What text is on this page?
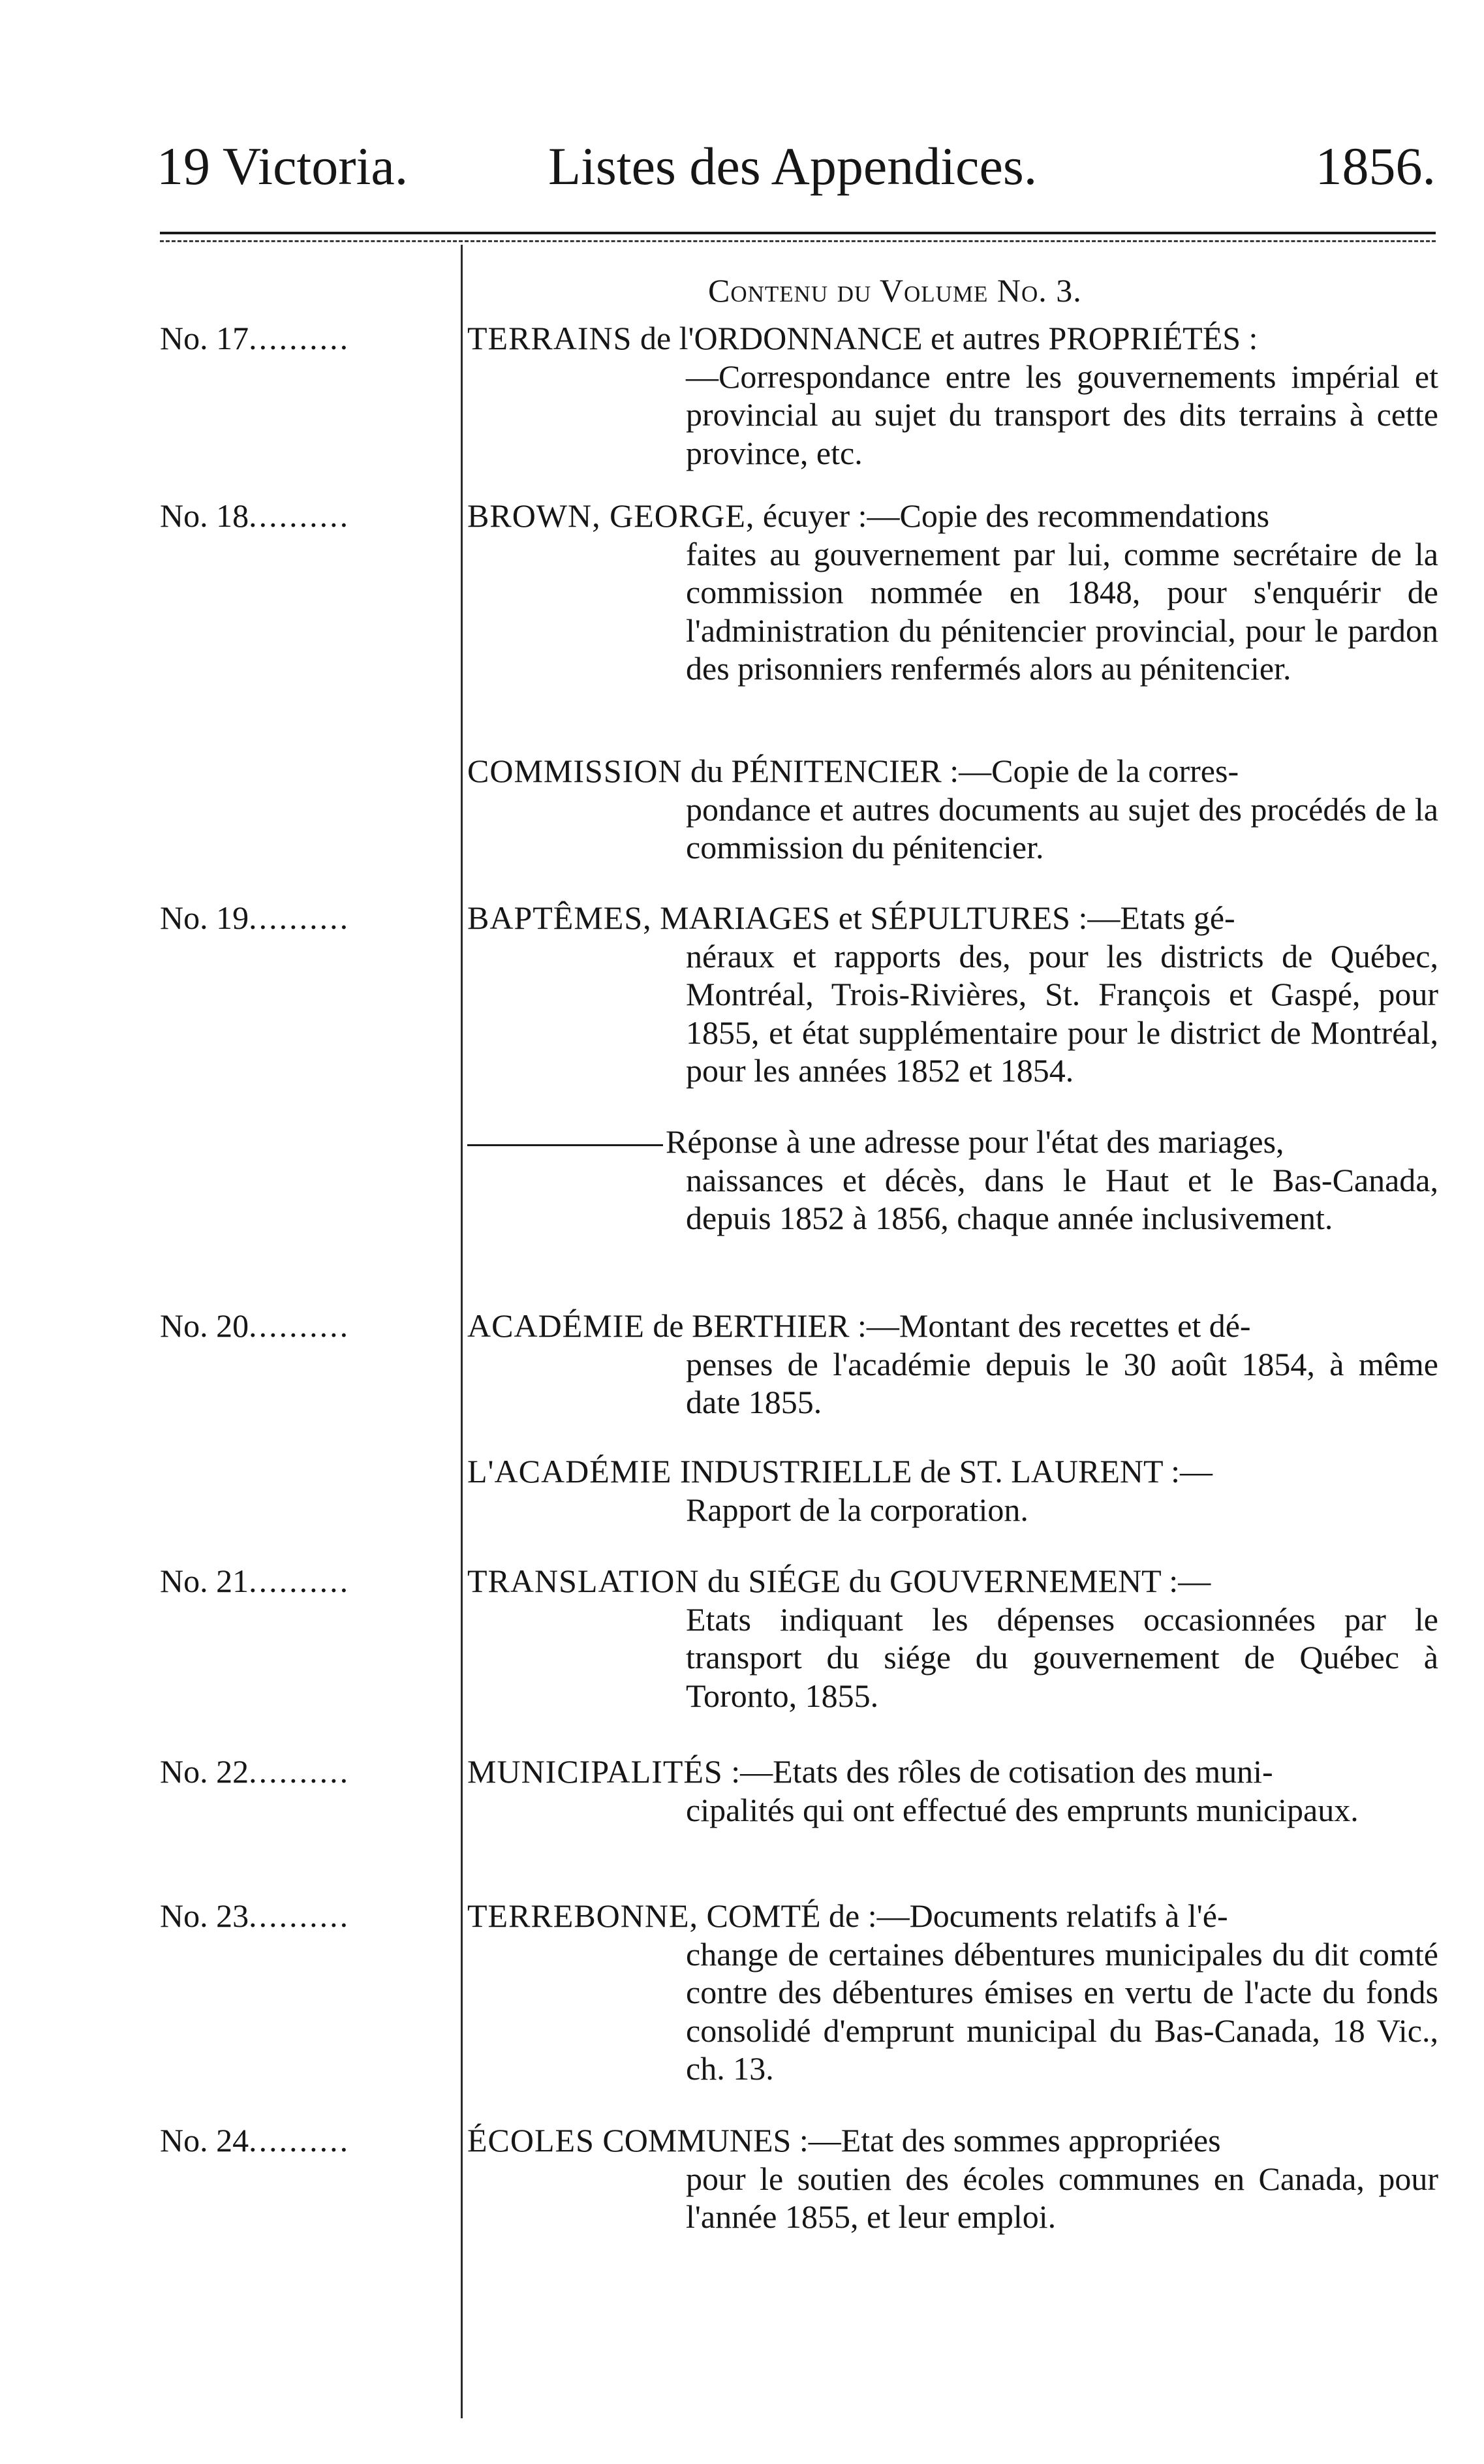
19 Victoria.	Listes des Appendices.	1856.
Contenu du Volume No. 3.
No. 17..........	TERRAINS de l'ORDONNANCE et autres PROPRIÉTÉS :
—Correspondance entre les gouvernements impérial et provincial au sujet du transport des dits terrains à cette province, etc.
No. 18..........	BROWN, GEORGE, écuyer :—Copie des recommendations
faites au gouvernement par lui, comme secrétaire de la commission nommée en 1848, pour s'enquérir de l'administration du pénitencier provincial, pour le pardon des prisonniers renfermés alors au pénitencier.
COMMISSION du PÉNITENCIER :—Copie de la corres-
pondance et autres documents au sujet des procédés de la commission du pénitencier.
No. 19..........	BAPTÊMES, MARIAGES et SÉPULTURES :—Etats gé-
néraux et rapports des, pour les districts de Québec, Montréal, Trois-Rivières, St. François et Gaspé, pour 1855, et état supplémentaire pour le district de Montréal, pour les années 1852 et 1854.
Réponse à une adresse pour l'état des mariages,
naissances et décès, dans le Haut et le Bas-Canada, depuis 1852 à 1856, chaque année inclusivement.
No. 20..........	ACADÉMIE de BERTHIER :—Montant des recettes et dé-
penses de l'académie depuis le 30 août 1854, à même date 1855.
L'ACADÉMIE INDUSTRIELLE de ST. LAURENT :—
Rapport de la corporation.
No. 21..........	TRANSLATION du SIÉGE du GOUVERNEMENT :—
Etats indiquant les dépenses occasionnées par le transport du siége du gouvernement de Québec à Toronto, 1855.
No. 22..........	MUNICIPALITÉS :—Etats des rôles de cotisation des muni-
cipalités qui ont effectué des emprunts municipaux.
No. 23..........	TERREBONNE, COMTÉ de :—Documents relatifs à l'é-
change de certaines débentures municipales du dit comté contre des débentures émises en vertu de l'acte du fonds consolidé d'emprunt municipal du Bas-Canada, 18 Vic., ch. 13.
No. 24..........	ÉCOLES COMMUNES :—Etat des sommes appropriées
pour le soutien des écoles communes en Canada, pour l'année 1855, et leur emploi.
